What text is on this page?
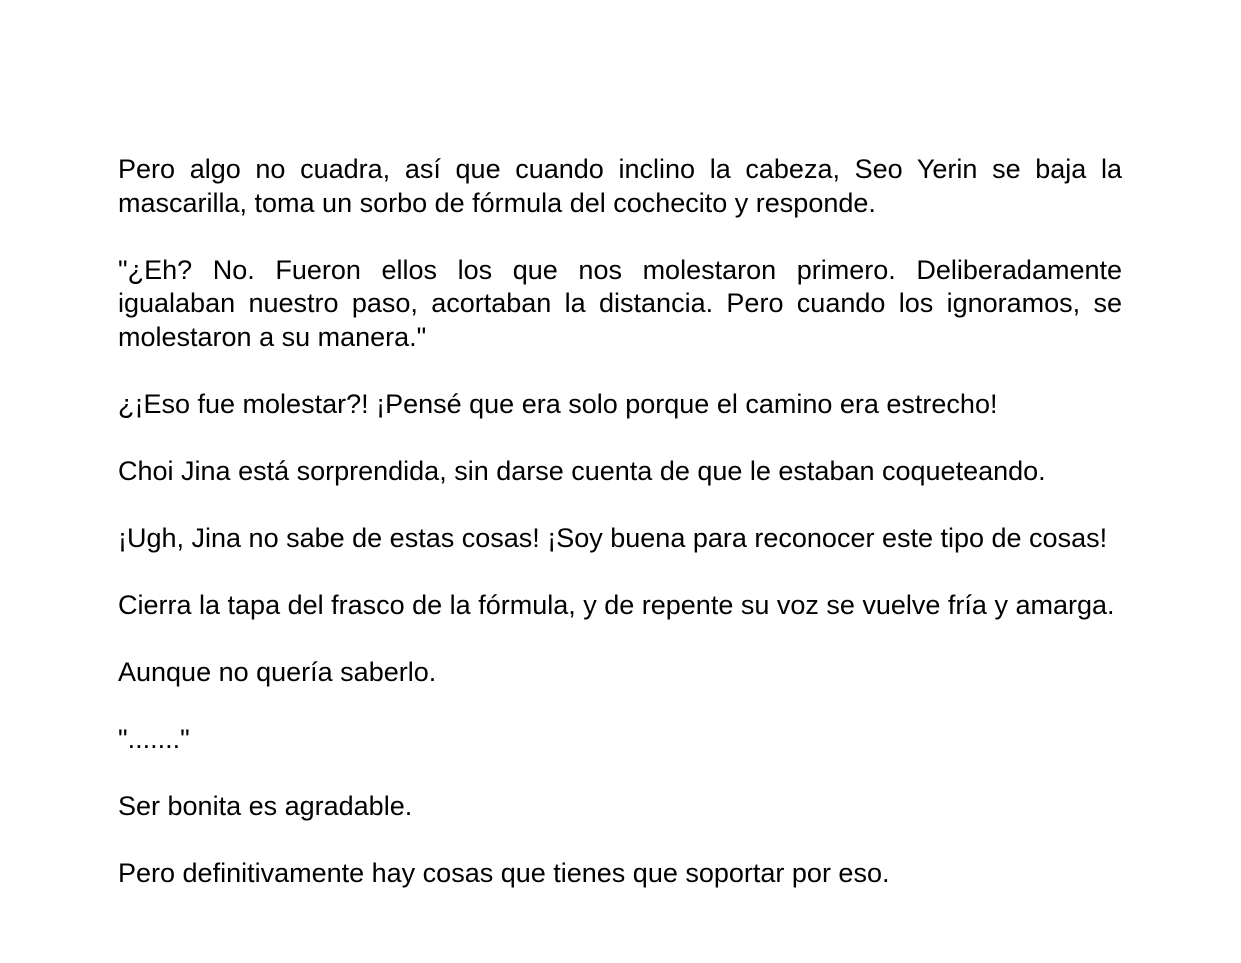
Pero algo no cuadra, así que cuando inclino la cabeza, Seo Yerin se baja la mascarilla, toma un sorbo de fórmula del cochecito y responde.

"¿Eh? No. Fueron ellos los que nos molestaron primero. Deliberadamente igualaban nuestro paso, acortaban la distancia. Pero cuando los ignoramos, se molestaron a su manera."

¿¡Eso fue molestar?! ¡Pensé que era solo porque el camino era estrecho!

Choi Jina está sorprendida, sin darse cuenta de que le estaban coqueteando.

¡Ugh, Jina no sabe de estas cosas! ¡Soy buena para reconocer este tipo de cosas!

Cierra la tapa del frasco de la fórmula, y de repente su voz se vuelve fría y amarga.

Aunque no quería saberlo.

"......."

Ser bonita es agradable.

Pero definitivamente hay cosas que tienes que soportar por eso.
